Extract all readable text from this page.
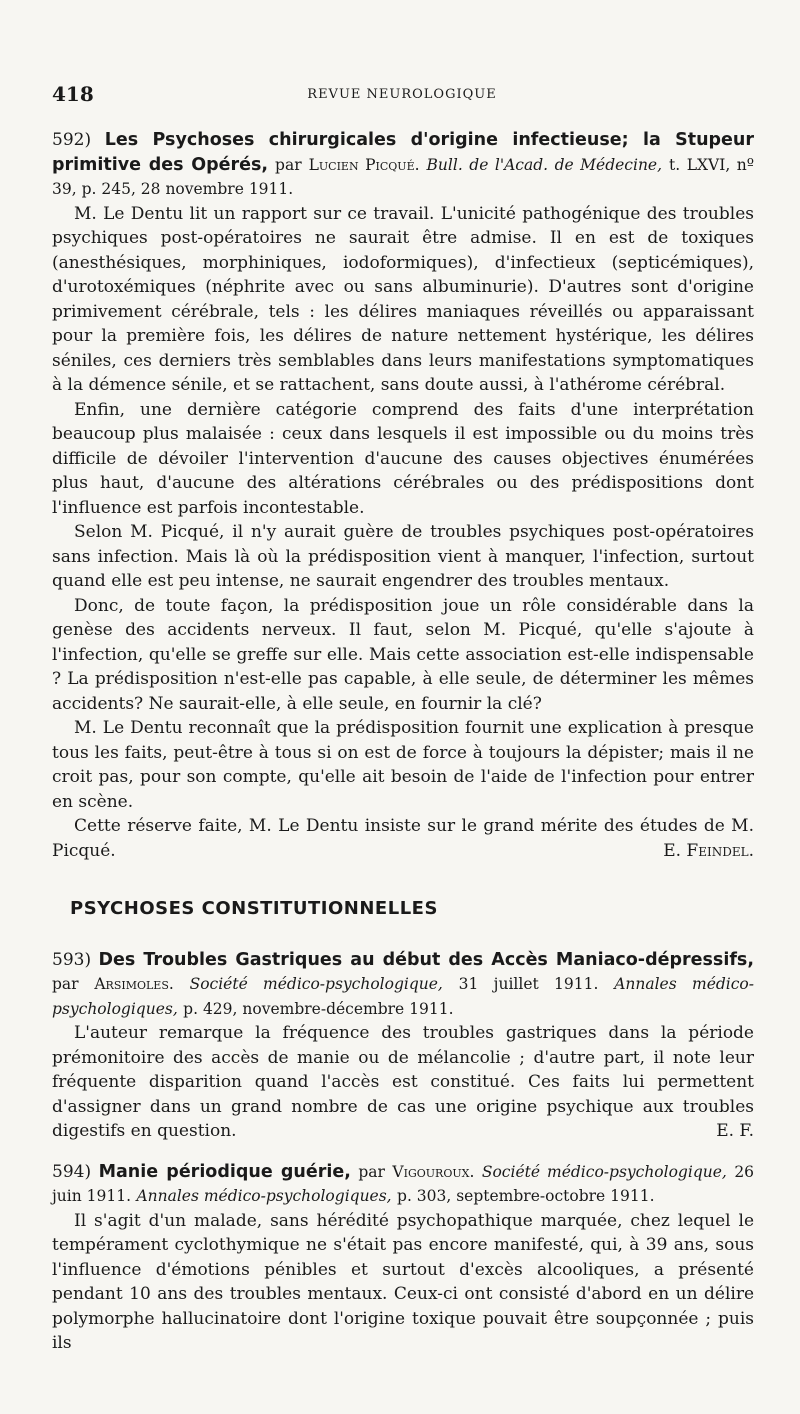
418	REVUE NEUROLOGIQUE

592) Les Psychoses chirurgicales d'origine infectieuse; la Stupeur primitive des Opérés, par Lucien Picqué. Bull. de l'Acad. de Médecine, t. LXVI, nº 39, p. 245, 28 novembre 1911.

M. Le Dentu lit un rapport sur ce travail. L'unicité pathogénique des troubles psychiques post-opératoires ne saurait être admise. Il en est de toxiques (anesthésiques, morphiniques, iodoformiques), d'infectieux (septicémiques), d'urotoxémiques (néphrite avec ou sans albuminurie). D'autres sont d'origine primivement cérébrale, tels : les délires maniaques réveillés ou apparaissant pour la première fois, les délires de nature nettement hystérique, les délires séniles, ces derniers très semblables dans leurs manifestations symptomatiques à la démence sénile, et se rattachent, sans doute aussi, à l'athérome cérébral.

Enfin, une dernière catégorie comprend des faits d'une interprétation beaucoup plus malaisée : ceux dans lesquels il est impossible ou du moins très difficile de dévoiler l'intervention d'aucune des causes objectives énumérées plus haut, d'aucune des altérations cérébrales ou des prédispositions dont l'influence est parfois incontestable.

Selon M. Picqué, il n'y aurait guère de troubles psychiques post-opératoires sans infection. Mais là où la prédisposition vient à manquer, l'infection, surtout quand elle est peu intense, ne saurait engendrer des troubles mentaux.

Donc, de toute façon, la prédisposition joue un rôle considérable dans la genèse des accidents nerveux. Il faut, selon M. Picqué, qu'elle s'ajoute à l'infection, qu'elle se greffe sur elle. Mais cette association est-elle indispensable ? La prédisposition n'est-elle pas capable, à elle seule, de déterminer les mêmes accidents? Ne saurait-elle, à elle seule, en fournir la clé?

M. Le Dentu reconnaît que la prédisposition fournit une explication à presque tous les faits, peut-être à tous si on est de force à toujours la dépister; mais il ne croit pas, pour son compte, qu'elle ait besoin de l'aide de l'infection pour entrer en scène.

Cette réserve faite, M. Le Dentu insiste sur le grand mérite des études de M. Picqué.	E. Feindel.

PSYCHOSES CONSTITUTIONNELLES

593) Des Troubles Gastriques au début des Accès Maniaco-dépressifs, par Arsimoles. Société médico-psychologique, 31 juillet 1911. Annales médico-psychologiques, p. 429, novembre-décembre 1911.

L'auteur remarque la fréquence des troubles gastriques dans la période prémonitoire des accès de manie ou de mélancolie ; d'autre part, il note leur fréquente disparition quand l'accès est constitué. Ces faits lui permettent d'assigner dans un grand nombre de cas une origine psychique aux troubles digestifs en question.	E. F.

594) Manie périodique guérie, par Vigouroux. Société médico-psychologique, 26 juin 1911. Annales médico-psychologiques, p. 303, septembre-octobre 1911.

Il s'agit d'un malade, sans hérédité psychopathique marquée, chez lequel le tempérament cyclothymique ne s'était pas encore manifesté, qui, à 39 ans, sous l'influence d'émotions pénibles et surtout d'excès alcooliques, a présenté pendant 10 ans des troubles mentaux. Ceux-ci ont consisté d'abord en un délire polymorphe hallucinatoire dont l'origine toxique pouvait être soupçonnée ; puis ils
